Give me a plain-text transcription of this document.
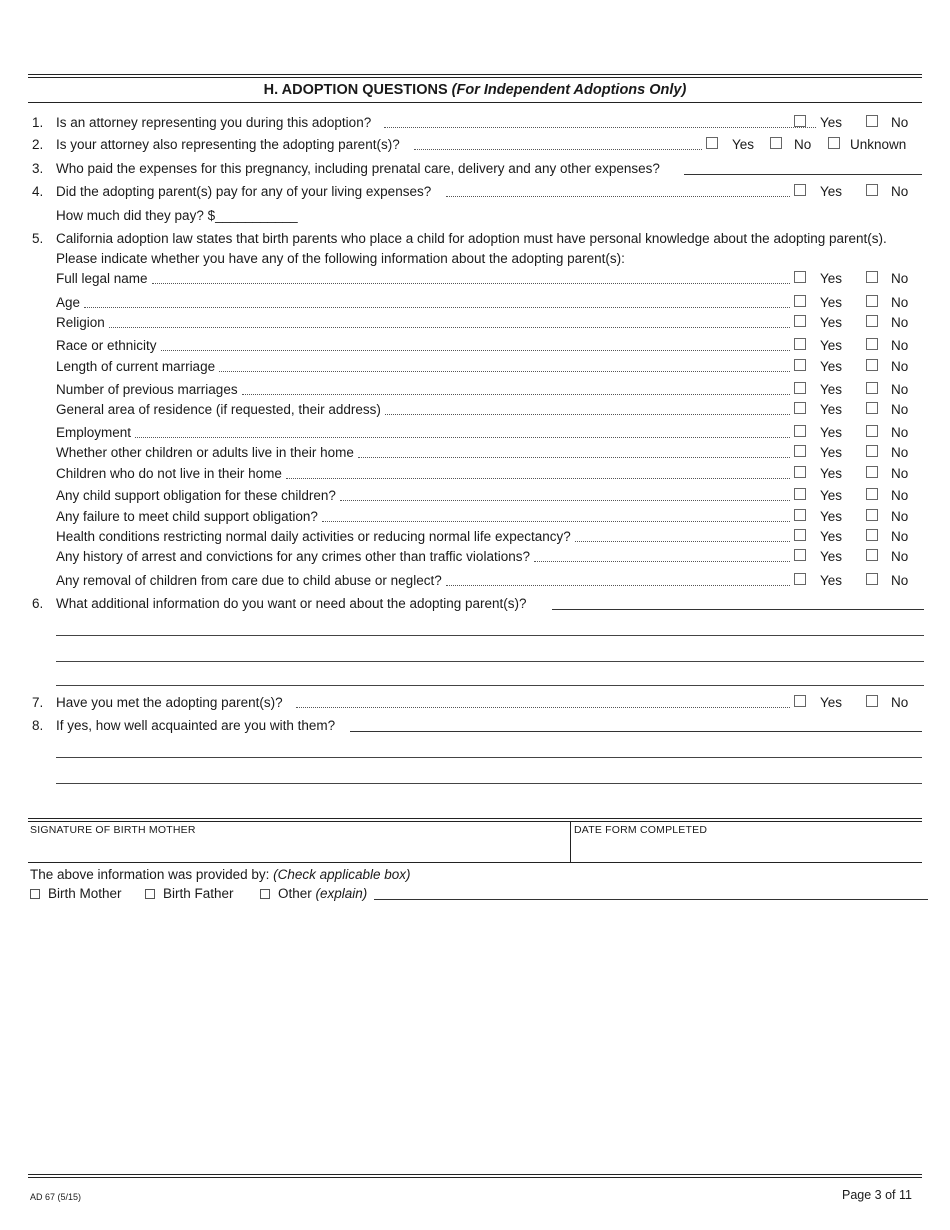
H. ADOPTION QUESTIONS (For Independent Adoptions Only)
1. Is an attorney representing you during this adoption?	Yes	No
2. Is your attorney also representing the adopting parent(s)?	Yes	No	Unknown
3. Who paid the expenses for this pregnancy, including prenatal care, delivery and any other expenses?
4. Did the adopting parent(s) pay for any of your living expenses?	Yes	No
How much did they pay? $___________
5. California adoption law states that birth parents who place a child for adoption must have personal knowledge about the adopting parent(s).
Please indicate whether you have any of the following information about the adopting parent(s):
Full legal name	Yes	No
Age	Yes	No
Religion	Yes	No
Race or ethnicity	Yes	No
Length of current marriage	Yes	No
Number of previous marriages	Yes	No
General area of residence (if requested, their address)	Yes	No
Employment	Yes	No
Whether other children or adults live in their home	Yes	No
Children who do not live in their home	Yes	No
Any child support obligation for these children?	Yes	No
Any failure to meet child support obligation?	Yes	No
Health conditions restricting normal daily activities or reducing normal life expectancy?	Yes	No
Any history of arrest and convictions for any crimes other than traffic violations?	Yes	No
Any removal of children from care due to child abuse or neglect?	Yes	No
6. What additional information do you want or need about the adopting parent(s)?
7. Have you met the adopting parent(s)?	Yes	No
8. If yes, how well acquainted are you with them?
SIGNATURE OF BIRTH MOTHER	DATE FORM COMPLETED
The above information was provided by: (Check applicable box)
Birth Mother	Birth Father	Other (explain)
AD 67 (5/15)	Page 3 of 11
